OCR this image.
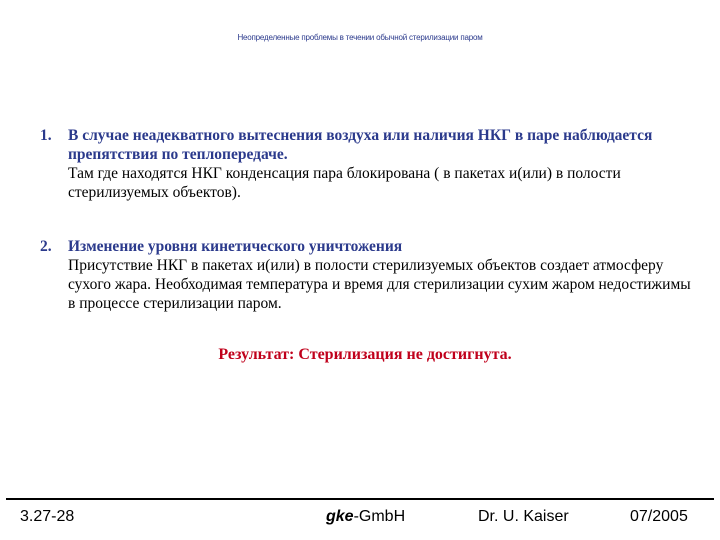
Неопределенные проблемы в течении обычной стерилизации паром
1. В случае неадекватного вытеснения воздуха или наличия НКГ в паре наблюдается препятствия по теплопередаче.
Там где находятся НКГ конденсация пара блокирована ( в пакетах и(или) в полости стерилизуемых объектов).
2. Изменение уровня кинетического уничтожения
Присутствие НКГ в пакетах и(или) в полости стерилизуемых объектов создает атмосферу сухого жара. Необходимая температура и время для стерилизации сухим жаром недостижимы в процессе стерилизации паром.
Результат: Стерилизация не достигнута.
3.27-28	gke-GmbH	Dr. U. Kaiser	07/2005
